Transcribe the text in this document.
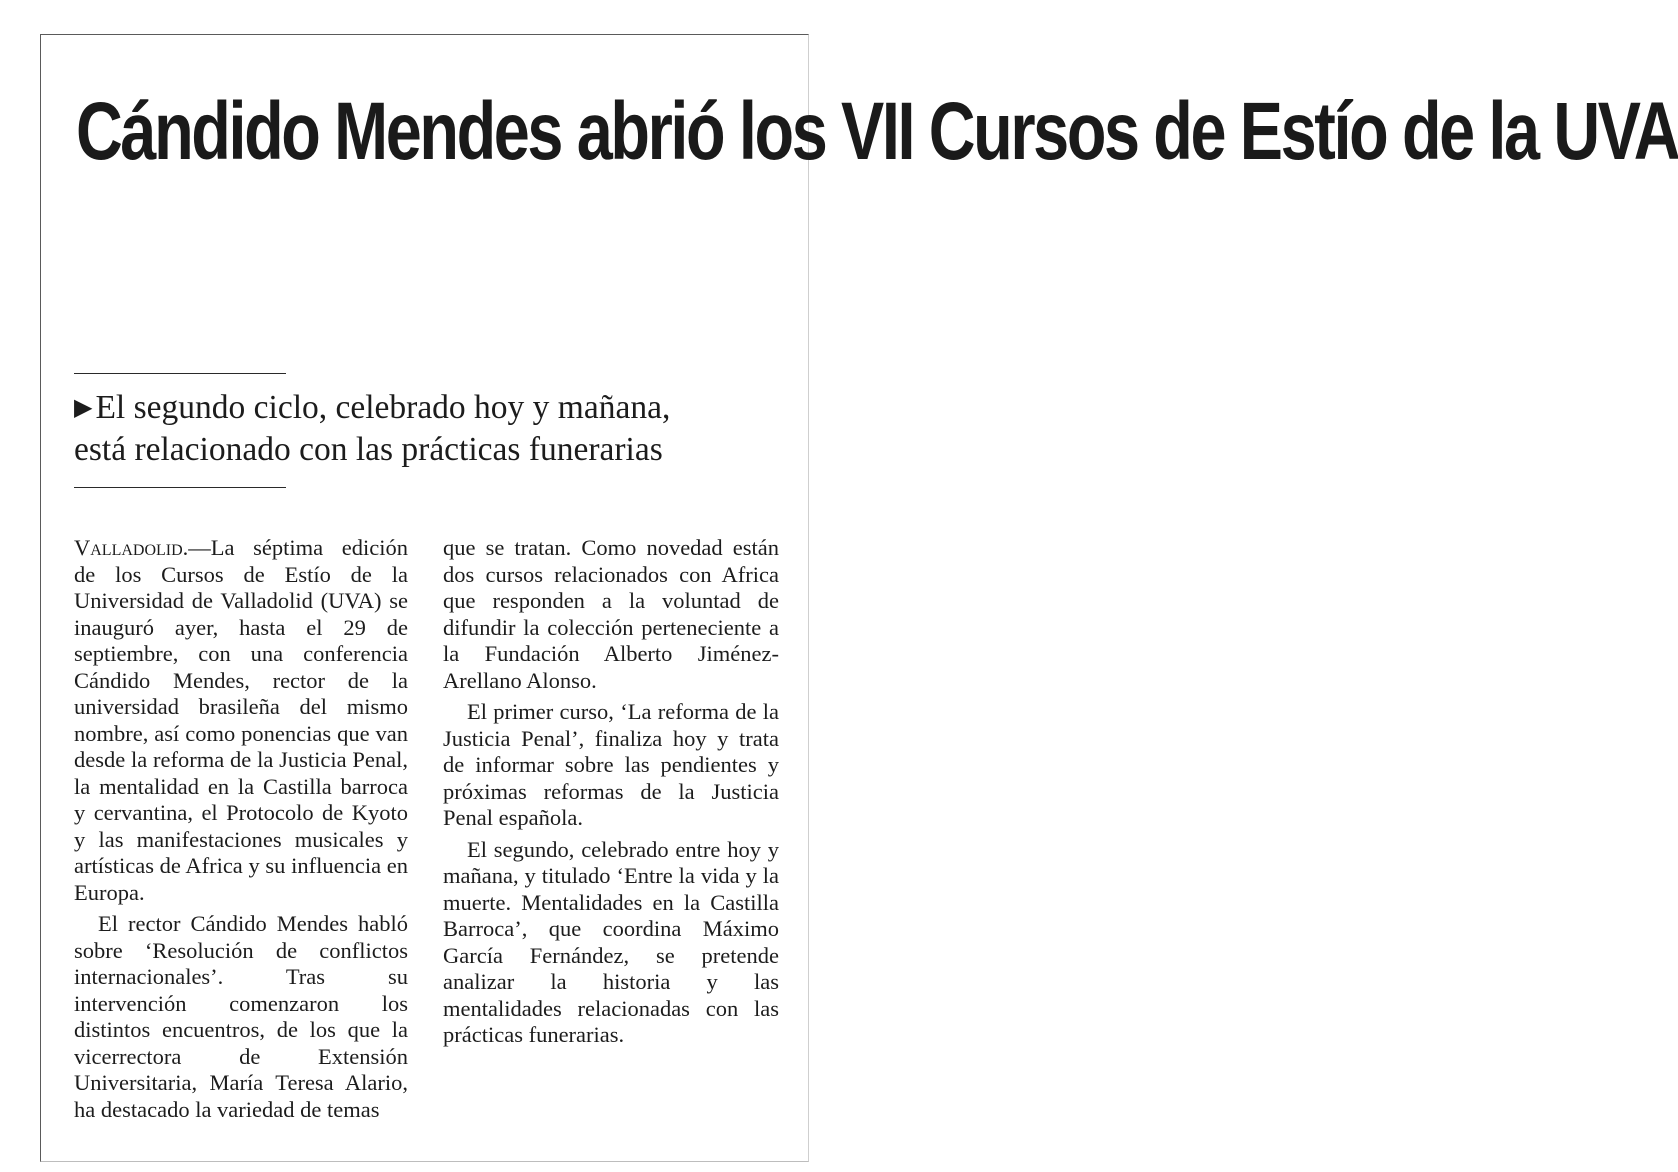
Cándido Mendes abrió los VII Cursos de Estío de la UVA
▶El segundo ciclo, celebrado hoy y mañana,
está relacionado con las prácticas funerarias

Valladolid.—La séptima edición de los Cursos de Estío de la Universidad de Valladolid (UVA) se inauguró ayer, hasta el 29 de septiembre, con una conferencia Cándido Mendes, rector de la universidad brasileña del mismo nombre, así como ponencias que van desde la reforma de la Justicia Penal, la mentalidad en la Castilla barroca y cervantina, el Protocolo de Kyoto y las manifestaciones musicales y artísticas de Africa y su influencia en Europa.

El rector Cándido Mendes habló sobre ‘Resolución de conflictos internacionales’. Tras su intervención comenzaron los distintos encuentros, de los que la vicerrectora de Extensión Universitaria, María Teresa Alario, ha destacado la variedad de temas

que se tratan. Como novedad están dos cursos relacionados con Africa que responden a la voluntad de difundir la colección perteneciente a la Fundación Alberto Jiménez-Arellano Alonso.

El primer curso, ‘La reforma de la Justicia Penal’, finaliza hoy y trata de informar sobre las pendientes y próximas reformas de la Justicia Penal española.

El segundo, celebrado entre hoy y mañana, y titulado ‘Entre la vida y la muerte. Mentalidades en la Castilla Barroca’, que coordina Máximo García Fernández, se pretende analizar la historia y las mentalidades relacionadas con las prácticas funerarias.
